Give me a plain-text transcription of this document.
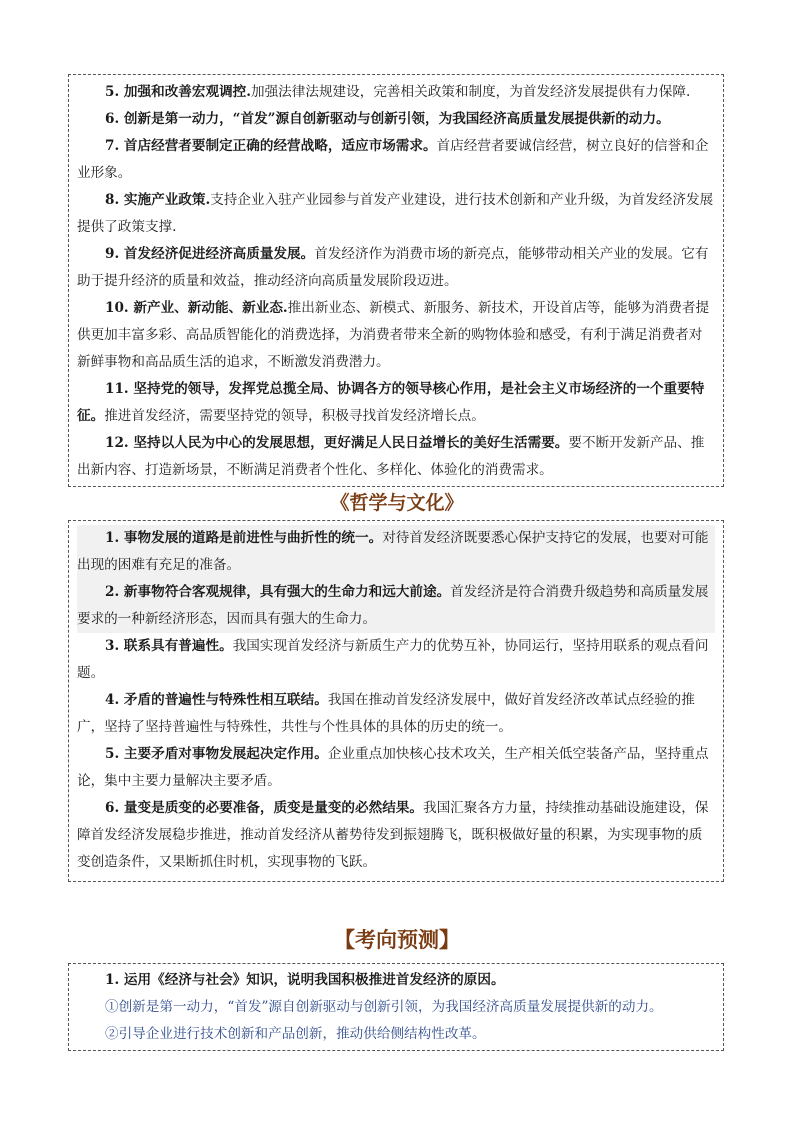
5. 加强和改善宏观调控.加强法律法规建设，完善相关政策和制度，为首发经济发展提供有力保障.

6. 创新是第一动力，“首发”源自创新驱动与创新引领，为我国经济高质量发展提供新的动力。

7. 首店经营者要制定正确的经营战略，适应市场需求。首店经营者要诚信经营，树立良好的信誉和企业形象。

8. 实施产业政策.支持企业入驻产业园参与首发产业建设，进行技术创新和产业升级，为首发经济发展提供了政策支撑.

9. 首发经济促进经济高质量发展。首发经济作为消费市场的新亮点，能够带动相关产业的发展。它有助于提升经济的质量和效益，推动经济向高质量发展阶段迈进。

10. 新产业、新动能、新业态.推出新业态、新模式、新服务、新技术，开设首店等，能够为消费者提供更加丰富多彩、高品质智能化的消费选择，为消费者带来全新的购物体验和感受，有利于满足消费者对新鲜事物和高品质生活的追求，不断激发消费潜力。

11. 坚持党的领导，发挥党总揽全局、协调各方的领导核心作用，是社会主义市场经济的一个重要特征。推进首发经济，需要坚持党的领导，积极寻找首发经济增长点。

12. 坚持以人民为中心的发展思想，更好满足人民日益增长的美好生活需要。要不断开发新产品、推出新内容、打造新场景，不断满足消费者个性化、多样化、体验化的消费需求。

《哲学与文化》

1. 事物发展的道路是前进性与曲折性的统一。对待首发经济既要悉心保护支持它的发展，也要对可能出现的困难有充足的准备。

2. 新事物符合客观规律，具有强大的生命力和远大前途。首发经济是符合消费升级趋势和高质量发展要求的一种新经济形态，因而具有强大的生命力。

3. 联系具有普遍性。我国实现首发经济与新质生产力的优势互补，协同运行，坚持用联系的观点看问题。

4. 矛盾的普遍性与特殊性相互联结。我国在推动首发经济发展中，做好首发经济改革试点经验的推广，坚持了坚持普遍性与特殊性，共性与个性具体的具体的历史的统一。

5. 主要矛盾对事物发展起决定作用。企业重点加快核心技术攻关，生产相关低空装备产品，坚持重点论，集中主要力量解决主要矛盾。

6. 量变是质变的必要准备，质变是量变的必然结果。我国汇聚各方力量，持续推动基础设施建设，保障首发经济发展稳步推进，推动首发经济从蓄势待发到振翅腾飞，既积极做好量的积累，为实现事物的质变创造条件，又果断抓住时机，实现事物的飞跃。

【考向预测】

1. 运用《经济与社会》知识，说明我国积极推进首发经济的原因。

①创新是第一动力，“首发”源自创新驱动与创新引领，为我国经济高质量发展提供新的动力。

②引导企业进行技术创新和产品创新，推动供给侧结构性改革。
